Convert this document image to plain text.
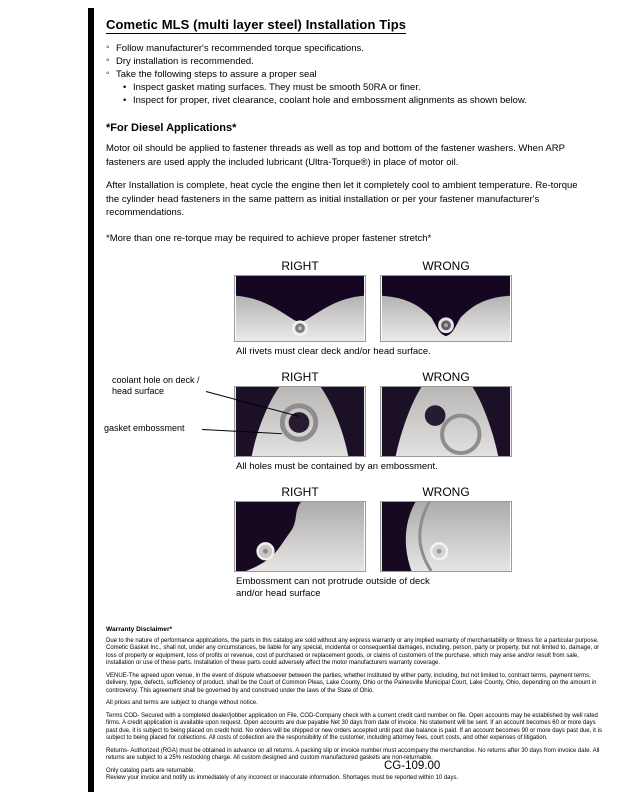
Cometic MLS (multi layer steel) Installation Tips
◦ Follow manufacturer's recommended torque specifications.
◦ Dry installation is recommended.
◦ Take the following steps to assure a proper seal
• Inspect gasket mating surfaces. They must be smooth 50RA or finer.
• Inspect for proper, rivet clearance, coolant hole and embossment alignments as shown below.
*For Diesel Applications*

Motor oil should be applied to fastener threads as well as top and bottom of the fastener washers. When ARP fasteners are used apply the included lubricant (Ultra-Torque®) in place of motor oil.

After Installation is complete, heat cycle the engine then let it completely cool to ambient temperature. Re-torque the cylinder head fasteners in the same pattern as initial installation or per your fastener manufacturer's recommendations.

*More than one re-torque may be required to achieve proper fastener stretch*

RIGHT	WRONG
All rivets must clear deck and/or head surface.
RIGHT	WRONG
All holes must be contained by an embossment.
RIGHT	WRONG
Embossment can not protrude outside of deck and/or head surface
coolant hole on deck / head surface
gasket embossment
Warranty Disclaimer*

Due to the nature of performance applications, the parts in this catalog are sold without any express warranty or any implied warranty of merchantability or fitness for a particular purpose. Cometic Gasket Inc., shall not, under any circumstances, be liable for any special, incidental or consequential damages, including, person, party or property, but not limited to, damage, or loss of property or equipment, loss of profits or revenue, cost of purchased or replacement goods, or claims of customers of the purchase, which may arise and/or result from sale, installation or use of these parts. Installation of these parts could adversely affect the motor manufacturers warranty coverage.

VENUE-The agreed upon venue, in the event of dispute whatsoever between the parties, whether instituted by either party, including, but not limited to, contract terms, payment terms, delivery, type, defects, sufficiency of product, shall be the Court of Common Pleas, Lake County, Ohio or the Painesville Municipal Court, Lake County, Ohio, depending on the amount in controversy. This agreement shall be governed by and construed under the laws of the State of Ohio.

All prices and terms are subject to change without notice.

Terms COD- Secured with a completed dealer/jobber application on File, COD-Company check with a current credit card number on file. Open accounts may be established by well rated firms. A credit application is available upon request. Open accounts are due payable Net 30 days from date of invoice. No statement will be sent. If an account becomes 60 or more days past due, it is subject to being placed on credit hold. No orders will be shipped or new orders accepted until past due balance is paid. If an account becomes 90 or more days past due, it is subject to being placed for collections. All costs of collection are the responsibility of the customer, including attorney fees, court costs, and other expenses of litigation.

Returns- Authorized (RGA) must be obtained in advance on all returns. A packing slip or invoice number must accompany the merchandise. No returns after 30 days from invoice date. All returns are subject to a 25% restocking charge. All custom designed and custom manufactured gaskets are non-returnable.

Only catalog parts are returnable.

Review your invoice and notify us immediately of any incorrect or inaccurate information. Shortages must be reported within 10 days.

CG-109.00
